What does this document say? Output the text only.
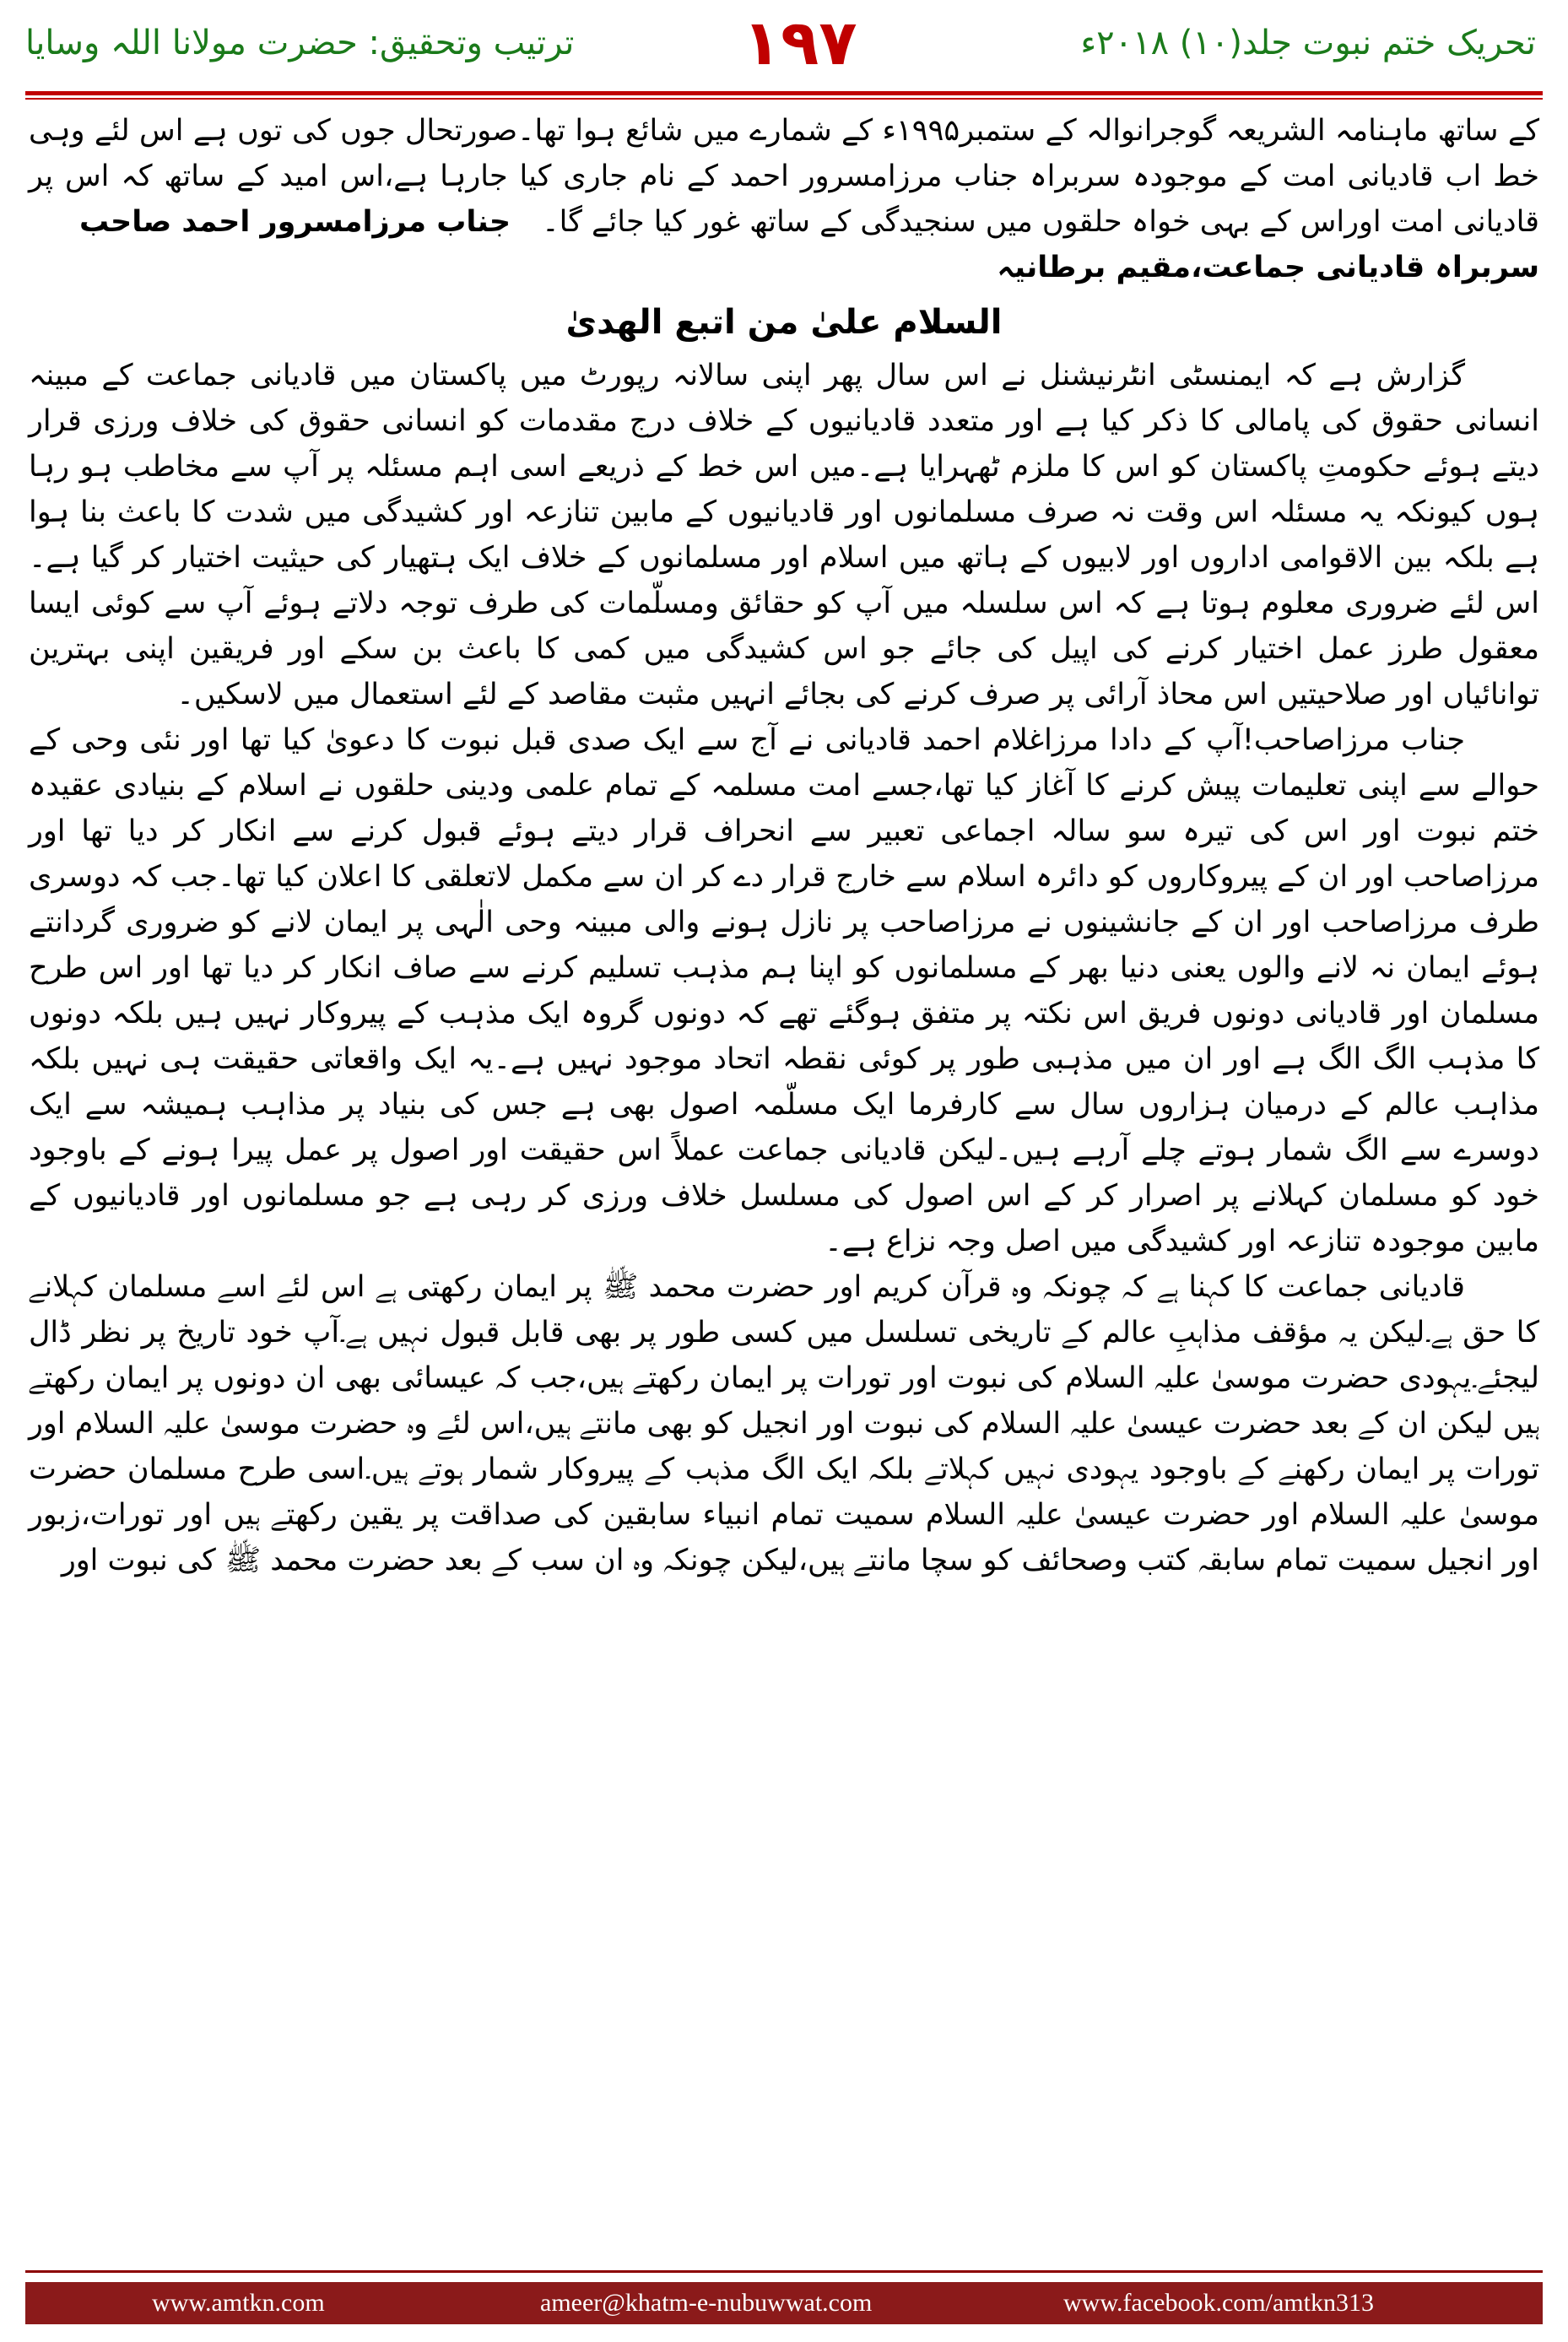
ترتیب وتحقیق: حضرت مولانا اللہ وسایا	۱۹۷	تحریک ختم نبوت جلد(۱۰) ۲۰۱۸ء

کے ساتھ ماہنامہ الشریعہ گوجرانوالہ کے ستمبر۱۹۹۵ء کے شمارے میں شائع ہوا تھا۔صورتحال جوں کی توں ہے اس لئے وہی خط اب قادیانی امت کے موجودہ سربراہ جناب مرزامسرور احمد کے نام جاری کیا جارہا ہے،اس امید کے ساتھ کہ اس پر قادیانی امت اوراس کے بہی خواہ حلقوں میں سنجیدگی کے ساتھ غور کیا جائے گا۔

جناب مرزامسرور احمد صاحب

سربراہ قادیانی جماعت،مقیم برطانیہ

السلام علیٰ من اتبع الھدیٰ

گزارش ہے کہ ایمنسٹی انٹرنیشنل نے اس سال پھر اپنی سالانہ رپورٹ میں پاکستان میں قادیانی جماعت کے مبینہ انسانی حقوق کی پامالی کا ذکر کیا ہے اور متعدد قادیانیوں کے خلاف درج مقدمات کو انسانی حقوق کی خلاف ورزی قرار دیتے ہوئے حکومتِ پاکستان کو اس کا ملزم ٹھہرایا ہے۔میں اس خط کے ذریعے اسی اہم مسئلہ پر آپ سے مخاطب ہو رہا ہوں کیونکہ یہ مسئلہ اس وقت نہ صرف مسلمانوں اور قادیانیوں کے مابین تنازعہ اور کشیدگی میں شدت کا باعث بنا ہوا ہے بلکہ بین الاقوامی اداروں اور لابیوں کے ہاتھ میں اسلام اور مسلمانوں کے خلاف ایک ہتھیار کی حیثیت اختیار کر گیا ہے۔اس لئے ضروری معلوم ہوتا ہے کہ اس سلسلہ میں آپ کو حقائق ومسلّمات کی طرف توجہ دلاتے ہوئے آپ سے کوئی ایسا معقول طرز عمل اختیار کرنے کی اپیل کی جائے جو اس کشیدگی میں کمی کا باعث بن سکے اور فریقین اپنی بہترین توانائیاں اور صلاحیتیں اس محاذ آرائی پر صرف کرنے کی بجائے انہیں مثبت مقاصد کے لئے استعمال میں لاسکیں۔

جناب مرزاصاحب!آپ کے دادا مرزاغلام احمد قادیانی نے آج سے ایک صدی قبل نبوت کا دعویٰ کیا تھا اور نئی وحی کے حوالے سے اپنی تعلیمات پیش کرنے کا آغاز کیا تھا،جسے امت مسلمہ کے تمام علمی ودینی حلقوں نے اسلام کے بنیادی عقیدہ ختم نبوت اور اس کی تیرہ سو سالہ اجماعی تعبیر سے انحراف قرار دیتے ہوئے قبول کرنے سے انکار کر دیا تھا اور مرزاصاحب اور ان کے پیروکاروں کو دائرہ اسلام سے خارج قرار دے کر ان سے مکمل لاتعلقی کا اعلان کیا تھا۔جب کہ دوسری طرف مرزاصاحب اور ان کے جانشینوں نے مرزاصاحب پر نازل ہونے والی مبینہ وحی الٰہی پر ایمان لانے کو ضروری گردانتے ہوئے ایمان نہ لانے والوں یعنی دنیا بھر کے مسلمانوں کو اپنا ہم مذہب تسلیم کرنے سے صاف انکار کر دیا تھا اور اس طرح مسلمان اور قادیانی دونوں فریق اس نکتہ پر متفق ہوگئے تھے کہ دونوں گروہ ایک مذہب کے پیروکار نہیں ہیں بلکہ دونوں کا مذہب الگ الگ ہے اور ان میں مذہبی طور پر کوئی نقطہ اتحاد موجود نہیں ہے۔یہ ایک واقعاتی حقیقت ہی نہیں بلکہ مذاہب عالم کے درمیان ہزاروں سال سے کارفرما ایک مسلّمہ اصول بھی ہے جس کی بنیاد پر مذاہب ہمیشہ سے ایک دوسرے سے الگ شمار ہوتے چلے آرہے ہیں۔لیکن قادیانی جماعت عملاً اس حقیقت اور اصول پر عمل پیرا ہونے کے باوجود خود کو مسلمان کہلانے پر اصرار کر کے اس اصول کی مسلسل خلاف ورزی کر رہی ہے جو مسلمانوں اور قادیانیوں کے مابین موجودہ تنازعہ اور کشیدگی میں اصل وجہ نزاع ہے۔

قادیانی جماعت کا کہنا ہے کہ چونکہ وہ قرآن کریم اور حضرت محمد ﷺ پر ایمان رکھتی ہے اس لئے اسے مسلمان کہلانے کا حق ہے۔لیکن یہ مؤقف مذاہبِ عالم کے تاریخی تسلسل میں کسی طور پر بھی قابل قبول نہیں ہے۔آپ خود تاریخ پر نظر ڈال لیجئے۔یہودی حضرت موسیٰ علیہ السلام کی نبوت اور تورات پر ایمان رکھتے ہیں،جب کہ عیسائی بھی ان دونوں پر ایمان رکھتے ہیں لیکن ان کے بعد حضرت عیسیٰ علیہ السلام کی نبوت اور انجیل کو بھی مانتے ہیں،اس لئے وہ حضرت موسیٰ علیہ السلام اور تورات پر ایمان رکھنے کے باوجود یہودی نہیں کہلاتے بلکہ ایک الگ مذہب کے پیروکار شمار ہوتے ہیں۔اسی طرح مسلمان حضرت موسیٰ علیہ السلام اور حضرت عیسیٰ علیہ السلام سمیت تمام انبیاء سابقین کی صداقت پر یقین رکھتے ہیں اور تورات،زبور اور انجیل سمیت تمام سابقہ کتب وصحائف کو سچا مانتے ہیں،لیکن چونکہ وہ ان سب کے بعد حضرت محمد ﷺ کی نبوت اور

www.amtkn.com	ameer@khatm-e-nubuwwat.com	www.facebook.com/amtkn313
